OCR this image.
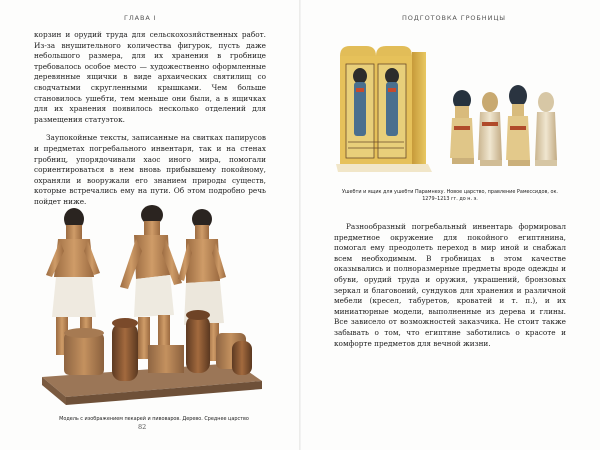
ГЛАВА I

корзин и орудий труда для сельскохозяйственных работ. Из-за внушительного количества фигурок, пусть даже небольшого размера, для их хранения в гробнице требовалось особое место — художественно оформленные деревянные ящички в виде архаических святилищ со сводчатыми скругленными крышками. Чем больше становилось ушебти, тем меньше они были, а в ящичках для их хранения появилось несколько отделений для размещения статуэток.

Заупокойные тексты, записанные на свитках папирусов и предметах погребального инвентаря, так и на стенах гробниц, упорядочивали хаос иного мира, помогали сориентироваться в нем вновь прибывшему покойному, охраняли и вооружали его знанием природы существ, которые встречались ему на пути. Об этом подробно речь пойдет ниже.

Модель с изображением пекарей и пивоваров. Дерево. Среднее царство
82
ПОДГОТОВКА ГРОБНИЦЫ
Ушебти и ящик для ушебти Парамнеху. Новое царство, правление Рамессидов, ок. 1279–1213 гг. до н. э.

Разнообразный погребальный инвентарь формировал предметное окружение для покойного египтянина, помогал ему преодолеть переход в мир иной и снабжал всем необходимым. В гробницах в этом качестве оказывались и полноразмерные предметы вроде одежды и обуви, орудий труда и оружия, украшений, бронзовых зеркал и благовоний, сундуков для хранения и различной мебели (кресел, табуретов, кроватей и т. п.), и их миниатюрные модели, выполненные из дерева и глины. Все зависело от возможностей заказчика. Не стоит также забывать о том, что египтяне заботились о красоте и комфорте предметов для вечной жизни.
